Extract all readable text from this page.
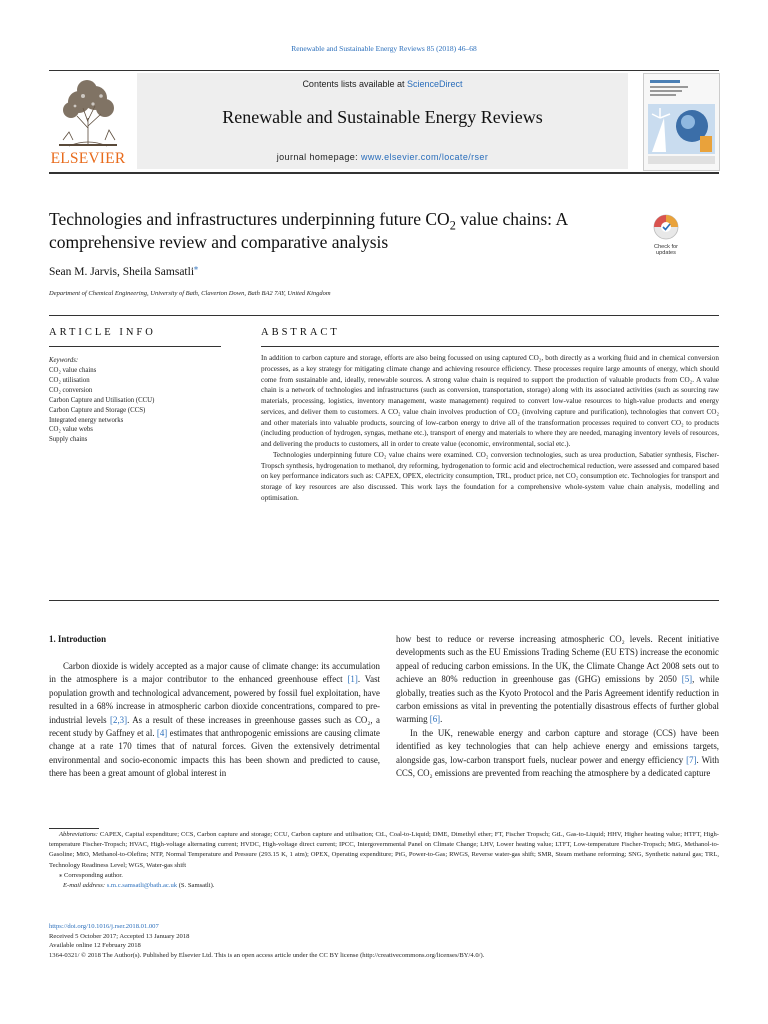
Renewable and Sustainable Energy Reviews 85 (2018) 46–68
ELSEVIER
Contents lists available at ScienceDirect
Renewable and Sustainable Energy Reviews
journal homepage: www.elsevier.com/locate/rser
Technologies and infrastructures underpinning future $CO_2$ value chains: A comprehensive review and comparative analysis	Check for
updates
Sean M. Jarvis, Sheila Samsatli⁎
Department of Chemical Engineering, University of Bath, Claverton Down, Bath BA2 7AY, United Kingdom
ARTICLE INFO	ABSTRACT
Keywords:
CO₂ value chains
CO₂ utilisation
CO₂ conversion
Carbon Capture and Utilisation (CCU)
Carbon Capture and Storage (CCS)
Integrated energy networks
CO₂ value webs
Supply chains

In addition to carbon capture and storage, efforts are also being focussed on using captured CO₂, both directly as a working fluid and in chemical conversion processes, as a key strategy for mitigating climate change and achieving resource efficiency. These processes require large amounts of energy, which should come from sustainable and, ideally, renewable sources. A strong value chain is required to support the production of valuable products from CO₂. A value chain is a network of technologies and infrastructures (such as conversion, transportation, storage) along with its associated activities (such as sourcing raw materials, processing, logistics, inventory management, waste management) required to convert low-value resources to high-value products and energy services, and deliver them to customers. A CO₂ value chain involves production of CO₂ (involving capture and purification), technologies that convert CO₂ and other materials into valuable products, sourcing of low-carbon energy to drive all of the transformation processes required to convert CO₂ to products (including production of hydrogen, syngas, methane etc.), transport of energy and materials to where they are needed, managing inventory levels of resources, and delivering the products to customers, all in order to create value (economic, environmental, social etc.).

Technologies underpinning future CO₂ value chains were examined. CO₂ conversion technologies, such as urea production, Sabatier synthesis, Fischer-Tropsch synthesis, hydrogenation to methanol, dry reforming, hydrogenation to formic acid and electrochemical reduction, were assessed and compared based on key performance indicators such as: CAPEX, OPEX, electricity consumption, TRL, product price, net CO₂ consumption etc. Technologies for transport and storage of key resources are also discussed. This work lays the foundation for a comprehensive whole-system value chain analysis, modelling and optimisation.

1. Introduction

Carbon dioxide is widely accepted as a major cause of climate change: its accumulation in the atmosphere is a major contributor to the enhanced greenhouse effect [1]. Vast population growth and technological advancement, powered by fossil fuel exploitation, have resulted in a 68% increase in atmospheric carbon dioxide concentrations, compared to pre-industrial levels [2,3]. As a result of these increases in greenhouse gasses such as CO₂, a recent study by Gaffney et al. [4] estimates that anthropogenic emissions are causing climate change at a rate 170 times that of natural forces. Given the extensively detrimental environmental and socio-economic impacts this has been shown and predicted to cause, there has been a great amount of global interest in

how best to reduce or reverse increasing atmospheric CO₂ levels. Recent initiative developments such as the EU Emissions Trading Scheme (EU ETS) increase the economic appeal of reducing carbon emissions. In the UK, the Climate Change Act 2008 sets out to achieve an 80% reduction in greenhouse gas (GHG) emissions by 2050 [5], while globally, treaties such as the Kyoto Protocol and the Paris Agreement identify reduction in carbon emissions as vital in preventing the potentially disastrous effects of further global warming [6].

In the UK, renewable energy and carbon capture and storage (CCS) have been identified as key technologies that can help achieve energy and emissions targets, alongside gas, low-carbon transport fuels, nuclear power and energy efficiency [7]. With CCS, CO₂ emissions are prevented from reaching the atmosphere by a dedicated capture

Abbreviations: CAPEX, Capital expenditure; CCS, Carbon capture and storage; CCU, Carbon capture and utilisation; CtL, Coal-to-Liquid; DME, Dimethyl ether; FT, Fischer Tropsch; GtL, Gas-to-Liquid; HHV, Higher heating value; HTFT, High-temperature Fischer-Tropsch; HVAC, High-voltage alternating current; HVDC, High-voltage direct current; IPCC, Intergovernmental Panel on Climate Change; LHV, Lower heating value; LTFT, Low-temperature Fischer-Tropsch; MtG, Methanol-to-Gasoline; MtO, Methanol-to-Olefins; NTP, Normal Temperature and Pressure (293.15 K, 1 atm); OPEX, Operating expenditure; PtG, Power-to-Gas; RWGS, Reverse water-gas shift; SMR, Steam methane reforming; SNG, Synthetic natural gas; TRL, Technology Readiness Level; WGS, Water-gas shift

⁎ Corresponding author.

E-mail address: s.m.c.samsatli@bath.ac.uk (S. Samsatli).

https://doi.org/10.1016/j.rser.2018.01.007
Received 5 October 2017; Accepted 13 January 2018
Available online 12 February 2018
1364-0321/ © 2018 The Author(s). Published by Elsevier Ltd. This is an open access article under the CC BY license (http://creativecommons.org/licenses/BY/4.0/).
